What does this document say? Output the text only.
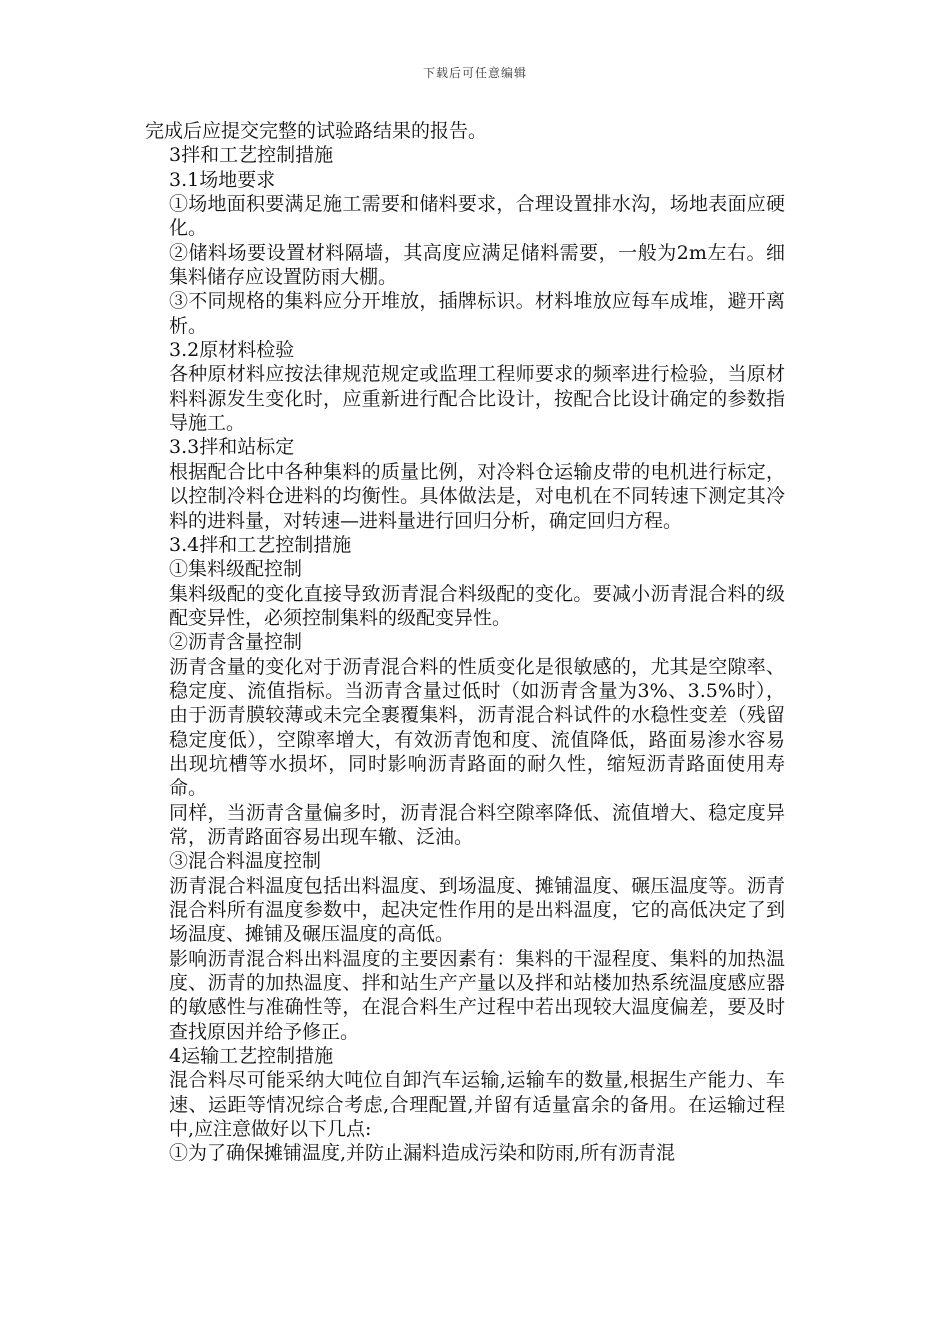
下载后可任意编辑

完成后应提交完整的试验路结果的报告。

3拌和工艺控制措施

3.1场地要求

①场地面积要满足施工需要和储料要求，合理设置排水沟，场地表面应硬化。

②储料场要设置材料隔墙，其高度应满足储料需要，一般为2m左右。细集料储存应设置防雨大棚。

③不同规格的集料应分开堆放，插牌标识。材料堆放应每车成堆，避开离析。

3.2原材料检验

各种原材料应按法律规范规定或监理工程师要求的频率进行检验，当原材料料源发生变化时，应重新进行配合比设计，按配合比设计确定的参数指导施工。

3.3拌和站标定

根据配合比中各种集料的质量比例，对冷料仓运输皮带的电机进行标定，以控制冷料仓进料的均衡性。具体做法是，对电机在不同转速下测定其冷料的进料量，对转速—进料量进行回归分析，确定回归方程。

3.4拌和工艺控制措施

①集料级配控制

集料级配的变化直接导致沥青混合料级配的变化。要减小沥青混合料的级配变异性，必须控制集料的级配变异性。

②沥青含量控制

沥青含量的变化对于沥青混合料的性质变化是很敏感的，尤其是空隙率、稳定度、流值指标。当沥青含量过低时（如沥青含量为3%、3.5%时），由于沥青膜较薄或未完全裹覆集料，沥青混合料试件的水稳性变差（残留稳定度低），空隙率增大，有效沥青饱和度、流值降低，路面易渗水容易出现坑槽等水损坏，同时影响沥青路面的耐久性，缩短沥青路面使用寿命。

同样，当沥青含量偏多时，沥青混合料空隙率降低、流值增大、稳定度异常，沥青路面容易出现车辙、泛油。

③混合料温度控制

沥青混合料温度包括出料温度、到场温度、摊铺温度、碾压温度等。沥青混合料所有温度参数中，起决定性作用的是出料温度，它的高低决定了到场温度、摊铺及碾压温度的高低。

影响沥青混合料出料温度的主要因素有：集料的干湿程度、集料的加热温度、沥青的加热温度、拌和站生产产量以及拌和站楼加热系统温度感应器的敏感性与准确性等，在混合料生产过程中若出现较大温度偏差，要及时查找原因并给予修正。

4运输工艺控制措施

混合料尽可能采纳大吨位自卸汽车运输,运输车的数量,根据生产能力、车速、运距等情况综合考虑,合理配置,并留有适量富余的备用。在运输过程中,应注意做好以下几点:

①为了确保摊铺温度,并防止漏料造成污染和防雨,所有沥青混
